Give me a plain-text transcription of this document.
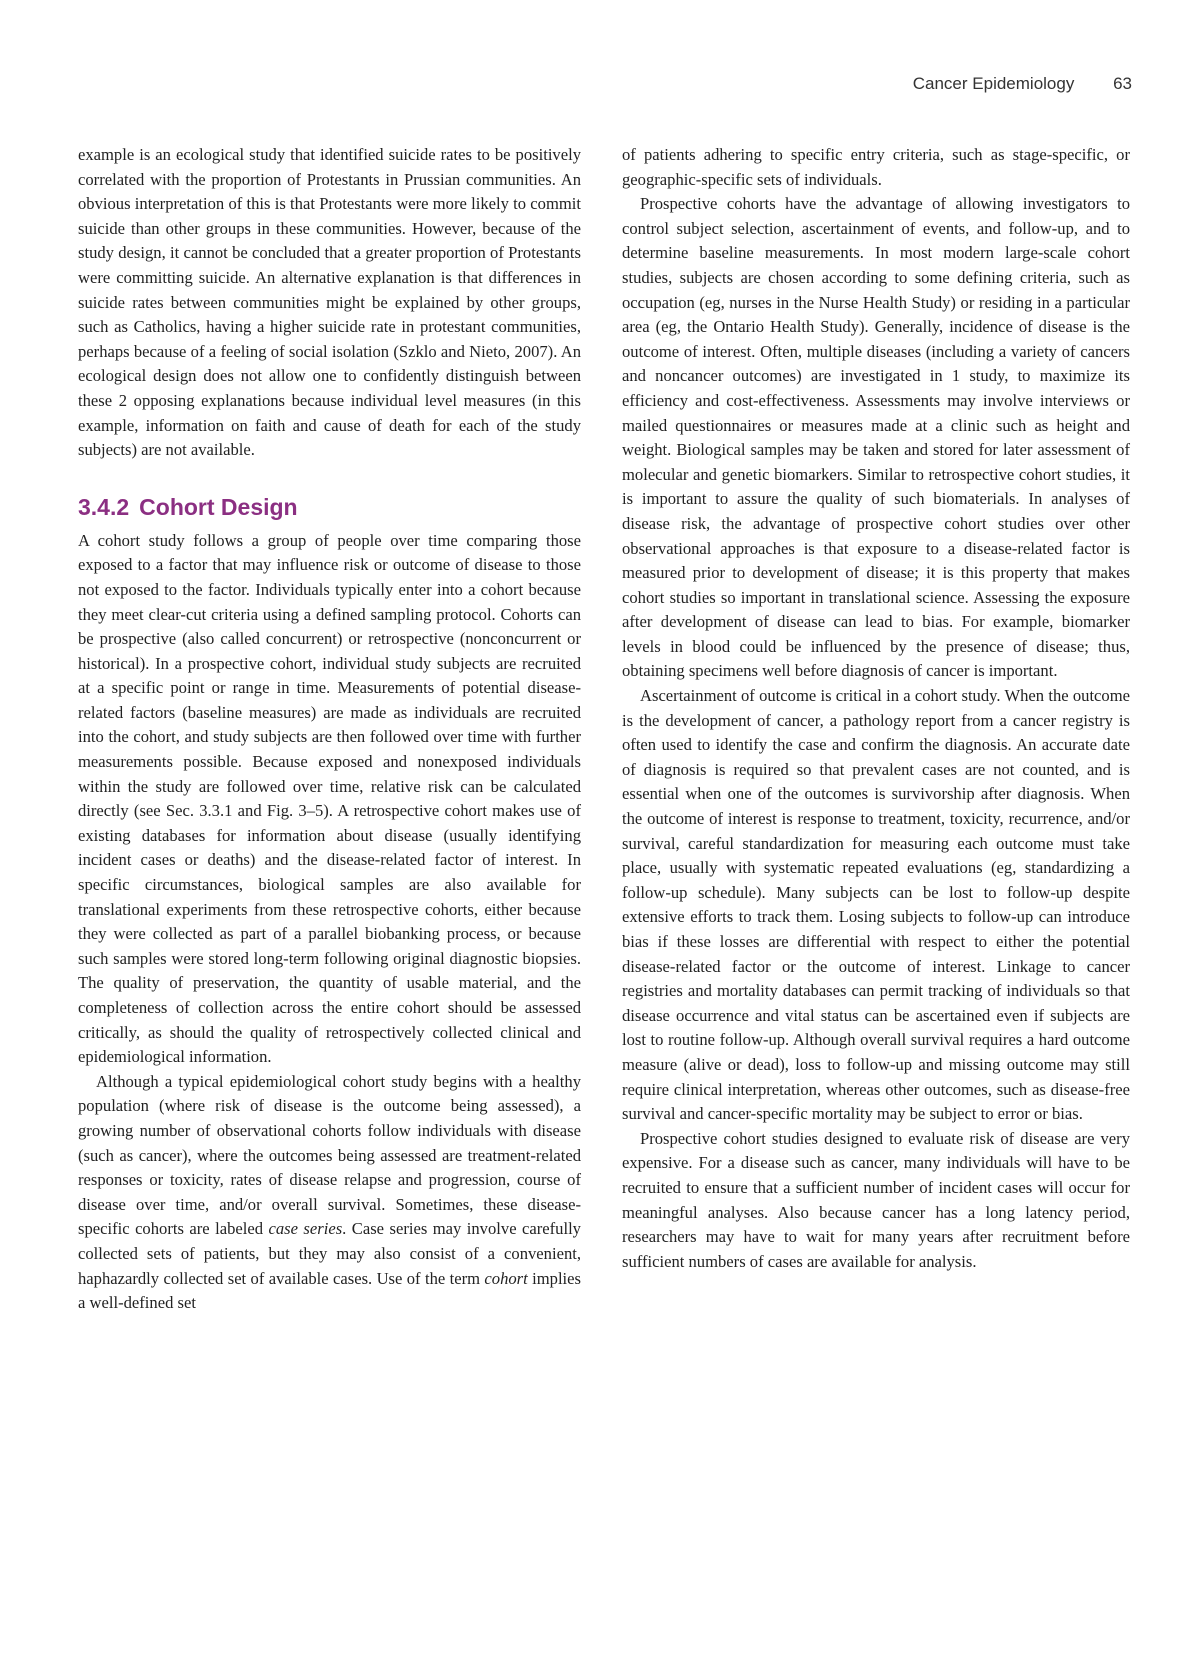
Cancer Epidemiology 63

example is an ecological study that identified suicide rates to be positively correlated with the proportion of Protestants in Prussian communities. An obvious interpretation of this is that Protestants were more likely to commit suicide than other groups in these communities. However, because of the study design, it cannot be concluded that a greater proportion of Protestants were committing suicide. An alternative explanation is that differences in suicide rates between communities might be explained by other groups, such as Catholics, having a higher suicide rate in protestant communities, perhaps because of a feeling of social isolation (Szklo and Nieto, 2007). An ecological design does not allow one to confidently distinguish between these 2 opposing explanations because individual level measures (in this example, information on faith and cause of death for each of the study subjects) are not available.

3.4.2 Cohort Design

A cohort study follows a group of people over time comparing those exposed to a factor that may influence risk or outcome of disease to those not exposed to the factor. Individuals typically enter into a cohort because they meet clear-cut criteria using a defined sampling protocol. Cohorts can be prospective (also called concurrent) or retrospective (nonconcurrent or historical). In a prospective cohort, individual study subjects are recruited at a specific point or range in time. Measurements of potential disease-related factors (baseline measures) are made as individuals are recruited into the cohort, and study subjects are then followed over time with further measurements possible. Because exposed and nonexposed individuals within the study are followed over time, relative risk can be calculated directly (see Sec. 3.3.1 and Fig. 3–5). A retrospective cohort makes use of existing databases for information about disease (usually identifying incident cases or deaths) and the disease-related factor of interest. In specific circumstances, biological samples are also available for translational experiments from these retrospective cohorts, either because they were collected as part of a parallel biobanking process, or because such samples were stored long-term following original diagnostic biopsies. The quality of preservation, the quantity of usable material, and the completeness of collection across the entire cohort should be assessed critically, as should the quality of retrospectively collected clinical and epidemiological information.

Although a typical epidemiological cohort study begins with a healthy population (where risk of disease is the outcome being assessed), a growing number of observational cohorts follow individuals with disease (such as cancer), where the outcomes being assessed are treatment-related responses or toxicity, rates of disease relapse and progression, course of disease over time, and/or overall survival. Sometimes, these disease-specific cohorts are labeled case series. Case series may involve carefully collected sets of patients, but they may also consist of a convenient, haphazardly collected set of available cases. Use of the term cohort implies a well-defined set

of patients adhering to specific entry criteria, such as stage-specific, or geographic-specific sets of individuals.

Prospective cohorts have the advantage of allowing investigators to control subject selection, ascertainment of events, and follow-up, and to determine baseline measurements. In most modern large-scale cohort studies, subjects are chosen according to some defining criteria, such as occupation (eg, nurses in the Nurse Health Study) or residing in a particular area (eg, the Ontario Health Study). Generally, incidence of disease is the outcome of interest. Often, multiple diseases (including a variety of cancers and noncancer outcomes) are investigated in 1 study, to maximize its efficiency and cost-effectiveness. Assessments may involve interviews or mailed questionnaires or measures made at a clinic such as height and weight. Biological samples may be taken and stored for later assessment of molecular and genetic biomarkers. Similar to retrospective cohort studies, it is important to assure the quality of such biomaterials. In analyses of disease risk, the advantage of prospective cohort studies over other observational approaches is that exposure to a disease-related factor is measured prior to development of disease; it is this property that makes cohort studies so important in translational science. Assessing the exposure after development of disease can lead to bias. For example, biomarker levels in blood could be influenced by the presence of disease; thus, obtaining specimens well before diagnosis of cancer is important.

Ascertainment of outcome is critical in a cohort study. When the outcome is the development of cancer, a pathology report from a cancer registry is often used to identify the case and confirm the diagnosis. An accurate date of diagnosis is required so that prevalent cases are not counted, and is essential when one of the outcomes is survivorship after diagnosis. When the outcome of interest is response to treatment, toxicity, recurrence, and/or survival, careful standardization for measuring each outcome must take place, usually with systematic repeated evaluations (eg, standardizing a follow-up schedule). Many subjects can be lost to follow-up despite extensive efforts to track them. Losing subjects to follow-up can introduce bias if these losses are differential with respect to either the potential disease-related factor or the outcome of interest. Linkage to cancer registries and mortality databases can permit tracking of individuals so that disease occurrence and vital status can be ascertained even if subjects are lost to routine follow-up. Although overall survival requires a hard outcome measure (alive or dead), loss to follow-up and missing outcome may still require clinical interpretation, whereas other outcomes, such as disease-free survival and cancer-specific mortality may be subject to error or bias.

Prospective cohort studies designed to evaluate risk of disease are very expensive. For a disease such as cancer, many individuals will have to be recruited to ensure that a sufficient number of incident cases will occur for meaningful analyses. Also because cancer has a long latency period, researchers may have to wait for many years after recruitment before sufficient numbers of cases are available for analysis.
